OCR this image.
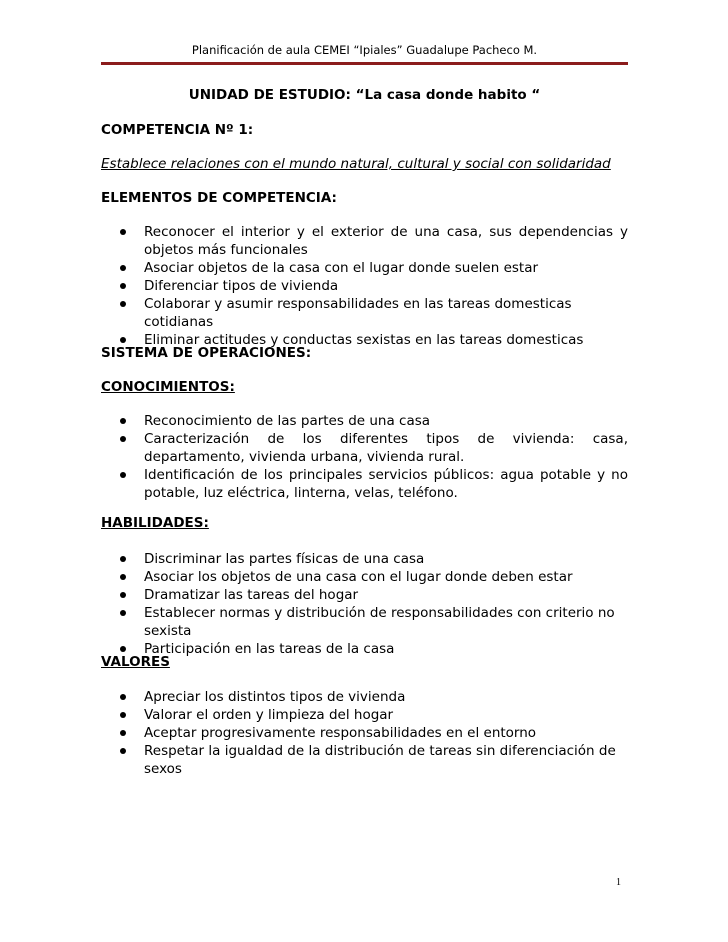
Planificación de aula CEMEI “Ipiales” Guadalupe Pacheco M.
UNIDAD DE ESTUDIO: “La casa donde habito “
COMPETENCIA Nº 1:
Establece relaciones con el mundo natural, cultural y social con solidaridad
ELEMENTOS DE COMPETENCIA:
Reconocer el interior y el exterior de una casa, sus dependencias y objetos más funcionales
Asociar objetos de la casa con el lugar donde suelen estar
Diferenciar tipos de vivienda
Colaborar y asumir responsabilidades en las tareas domesticas cotidianas
Eliminar actitudes y conductas sexistas en las tareas domesticas
SISTEMA DE OPERACIONES:
CONOCIMIENTOS:
Reconocimiento de las partes de una casa
Caracterización de los diferentes tipos de vivienda: casa, departamento, vivienda urbana, vivienda rural.
Identificación de los principales servicios públicos: agua potable y no potable, luz eléctrica, linterna, velas, teléfono.
HABILIDADES:
Discriminar las partes físicas de una casa
Asociar los objetos de una casa con el lugar donde deben estar
Dramatizar las tareas del hogar
Establecer normas y distribución de responsabilidades con criterio no sexista
Participación en las tareas de la casa
VALORES
Apreciar los distintos tipos de vivienda
Valorar el orden y limpieza del hogar
Aceptar progresivamente responsabilidades en el entorno
Respetar la igualdad de la distribución de tareas sin diferenciación de sexos
1
